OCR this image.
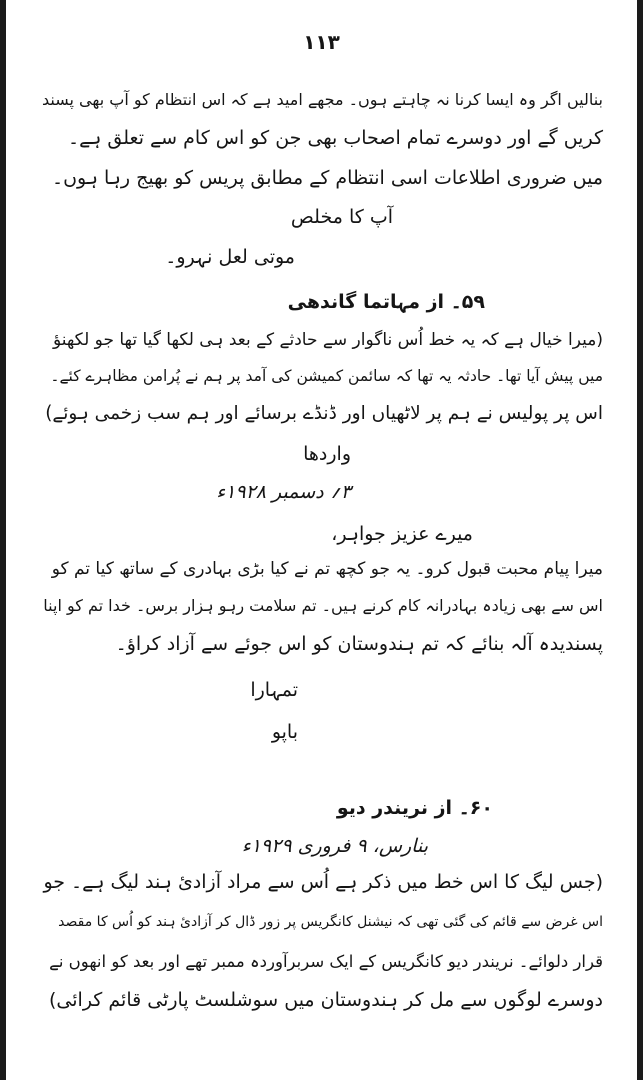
۱۱۳
بنالیں اگر وہ ایسا کرنا نہ چاہتے ہوں۔ مجھے امید ہے کہ اس انتظام کو آپ بھی پسند
کریں گے اور دوسرے تمام اصحاب بھی جن کو اس کام سے تعلق ہے۔
میں ضروری اطلاعات اسی انتظام کے مطابق پریس کو بھیج رہا ہوں۔
آپ کا مخلص
موتی لعل نہرو۔
۵۹۔ از مہاتما گاندھی
(میرا خیال ہے کہ یہ خط اُس ناگوار سے حادثے کے بعد ہی لکھا گیا تھا جو لکھنؤ
میں پیش آیا تھا۔ حادثہ یہ تھا کہ سائمن کمیشن کی آمد پر ہم نے پُرامن مظاہرے کئے۔
اس پر پولیس نے ہم پر لاٹھیاں اور ڈنڈے برسائے اور ہم سب زخمی ہوئے)
واردھا
۳؍ دسمبر ۱۹۲۸ء
میرے عزیز جواہر،
میرا پیام محبت قبول کرو۔ یہ جو کچھ تم نے کیا بڑی بہادری کے ساتھ کیا تم کو
اس سے بھی زیادہ بہادرانہ کام کرنے ہیں۔ تم سلامت رہو ہزار برس۔ خدا تم کو اپنا
پسندیدہ آلہ بنائے کہ تم ہندوستان کو اس جوئے سے آزاد کراؤ۔
تمہارا
باپو
۶۰۔ از نریندر دیو
بنارس، ۹ فروری ۱۹۲۹ء
(جس لیگ کا اس خط میں ذکر ہے اُس سے مراد آزادیٔ ہند لیگ ہے۔ جو
اس غرض سے قائم کی گئی تھی کہ نیشنل کانگریس پر زور ڈال کر آزادیٔ ہند کو اُس کا مقصد
قرار دلوائے۔ نریندر دیو کانگریس کے ایک سربرآوردہ ممبر تھے اور بعد کو انھوں نے
دوسرے لوگوں سے مل کر ہندوستان میں سوشلسٹ پارٹی قائم کرائی)
